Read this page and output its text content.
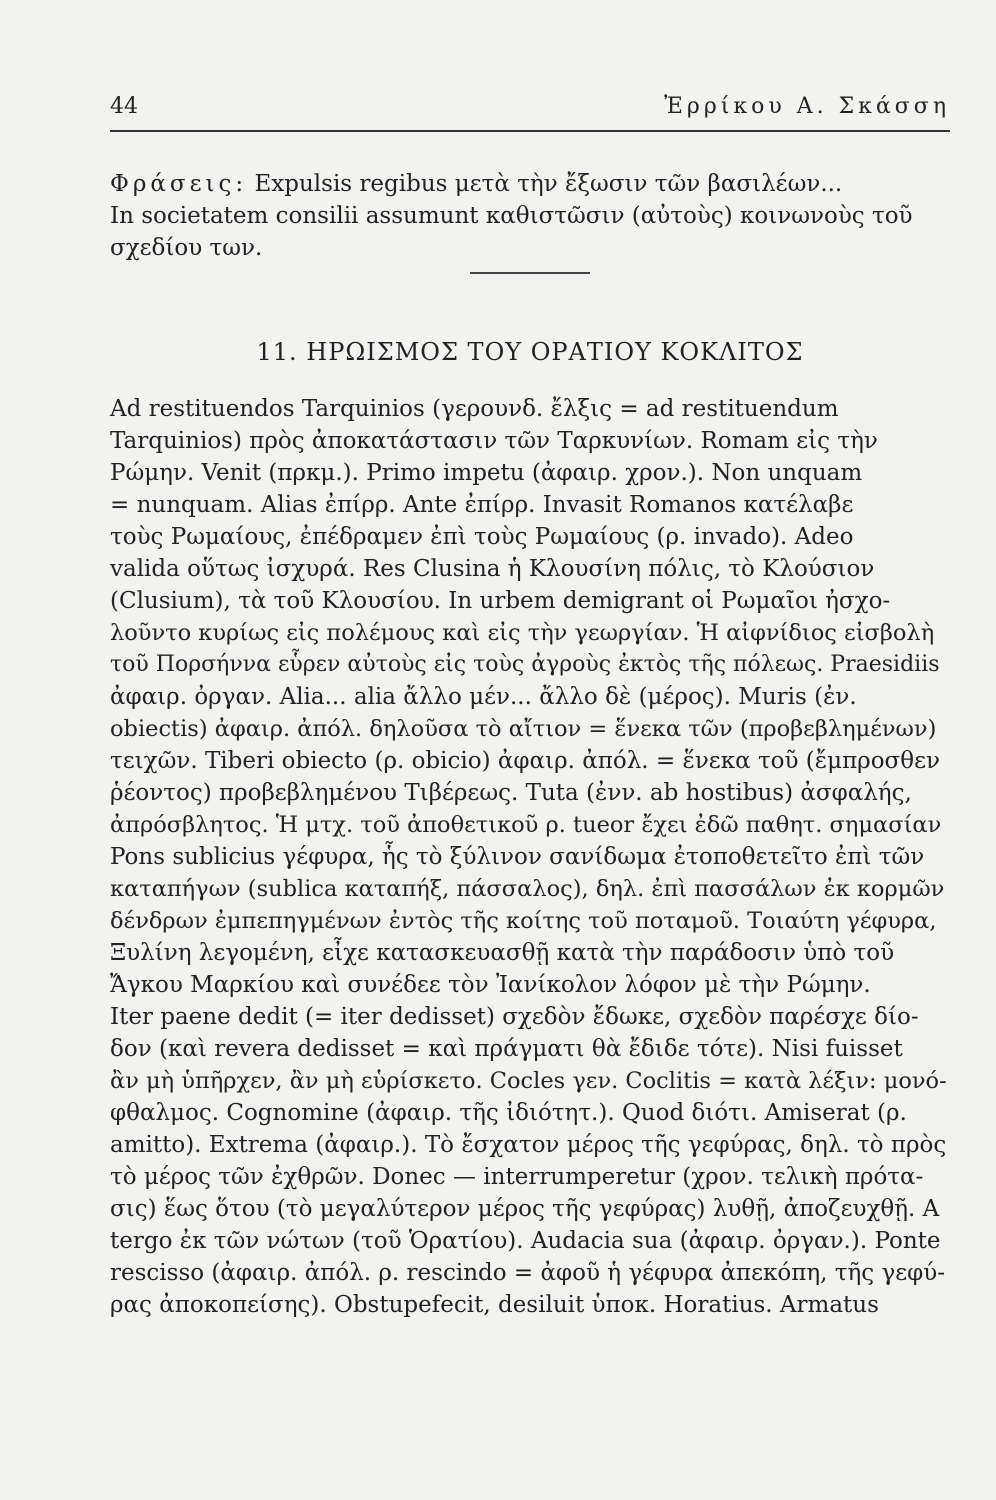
44	Ἐρρίκου Α. Σκάσση
Φράσεις: Expulsis regibus μετὰ τὴν ἔξωσιν τῶν βασιλέων...
In societatem consilii assumunt καθιστῶσιν (αὐτοὺς) κοινωνοὺς τοῦ
σχεδίου των.
11. ΗΡΩΙΣΜΟΣ ΤΟΥ ΟΡΑΤΙΟΥ ΚΟΚΛΙΤΟΣ
Ad restituendos Tarquinios (γερουνδ. ἔλξις = ad restituendum
Tarquinios) πρὸς ἀποκατάστασιν τῶν Ταρκυνίων. Romam εἰς τὴν
Ρώμην. Venit (πρκμ.). Primo impetu (ἀφαιρ. χρον.). Non unquam
= nunquam. Alias ἐπίρρ. Ante ἐπίρρ. Invasit Romanos κατέλαβε
τοὺς Ρωμαίους, ἐπέδραμεν ἐπὶ τοὺς Ρωμαίους (ρ. invado). Adeo
valida οὕτως ἰσχυρά. Res Clusina ἡ Κλουσίνη πόλις, τὸ Κλούσιον
(Clusium), τὰ τοῦ Κλουσίου. In urbem demigrant οἱ Ρωμαῖοι ἠσχο-
λοῦντο κυρίως εἰς πολέμους καὶ εἰς τὴν γεωργίαν. Ἡ αἰφνίδιος εἰσβολὴ
τοῦ Πορσήννα εὗρεν αὐτοὺς εἰς τοὺς ἀγροὺς ἐκτὸς τῆς πόλεως. Praesidiis
ἀφαιρ. ὀργαν. Alia... alia ἄλλο μέν... ἄλλο δὲ (μέρος). Muris (ἐν.
obiectis) ἀφαιρ. ἀπόλ. δηλοῦσα τὸ αἴτιον = ἕνεκα τῶν (προβεβλημένων)
τειχῶν. Tiberi obiecto (ρ. obicio) ἀφαιρ. ἀπόλ. = ἕνεκα τοῦ (ἔμπροσθεν
ῥέοντος) προβεβλημένου Τιβέρεως. Tuta (ἐνν. ab hostibus) ἀσφαλής,
ἀπρόσβλητος. Ἡ μτχ. τοῦ ἀποθετικοῦ ρ. tueor ἔχει ἐδῶ παθητ. σημασίαν
Pons sublicius γέφυρα, ἧς τὸ ξύλινον σανίδωμα ἐτοποθετεῖτο ἐπὶ τῶν
καταπήγων (sublica καταπήξ, πάσσαλος), δηλ. ἐπὶ πασσάλων ἐκ κορμῶν
δένδρων ἐμπεπηγμένων ἐντὸς τῆς κοίτης τοῦ ποταμοῦ. Τοιαύτη γέφυρα,
Ξυλίνη λεγομένη, εἶχε κατασκευασθῇ κατὰ τὴν παράδοσιν ὑπὸ τοῦ
Ἄγκου Μαρκίου καὶ συνέδεε τὸν Ἰανίκολον λόφον μὲ τὴν Ρώμην.
Iter paene dedit (= iter dedisset) σχεδὸν ἔδωκε, σχεδὸν παρέσχε δίο-
δον (καὶ revera dedisset = καὶ πράγματι θὰ ἔδιδε τότε). Nisi fuisset
ἂν μὴ ὑπῆρχεν, ἂν μὴ εὑρίσκετο. Cocles γεν. Coclitis = κατὰ λέξιν: μονό-
φθαλμος. Cognomine (ἀφαιρ. τῆς ἰδιότητ.). Quod διότι. Amiserat (ρ.
amitto). Extrema (ἀφαιρ.). Τὸ ἔσχατον μέρος τῆς γεφύρας, δηλ. τὸ πρὸς
τὸ μέρος τῶν ἐχθρῶν. Donec — interrumperetur (χρον. τελικὴ πρότα-
σις) ἕως ὅτου (τὸ μεγαλύτερον μέρος τῆς γεφύρας) λυθῇ, ἀποζευχθῇ. A
tergo ἐκ τῶν νώτων (τοῦ Ὁρατίου). Audacia sua (ἀφαιρ. ὀργαν.). Ponte
rescisso (ἀφαιρ. ἀπόλ. ρ. rescindo = ἀφοῦ ἡ γέφυρα ἀπεκόπη, τῆς γεφύ-
ρας ἀποκοπείσης). Obstupefecit, desiluit ὑποκ. Horatius. Armatus
